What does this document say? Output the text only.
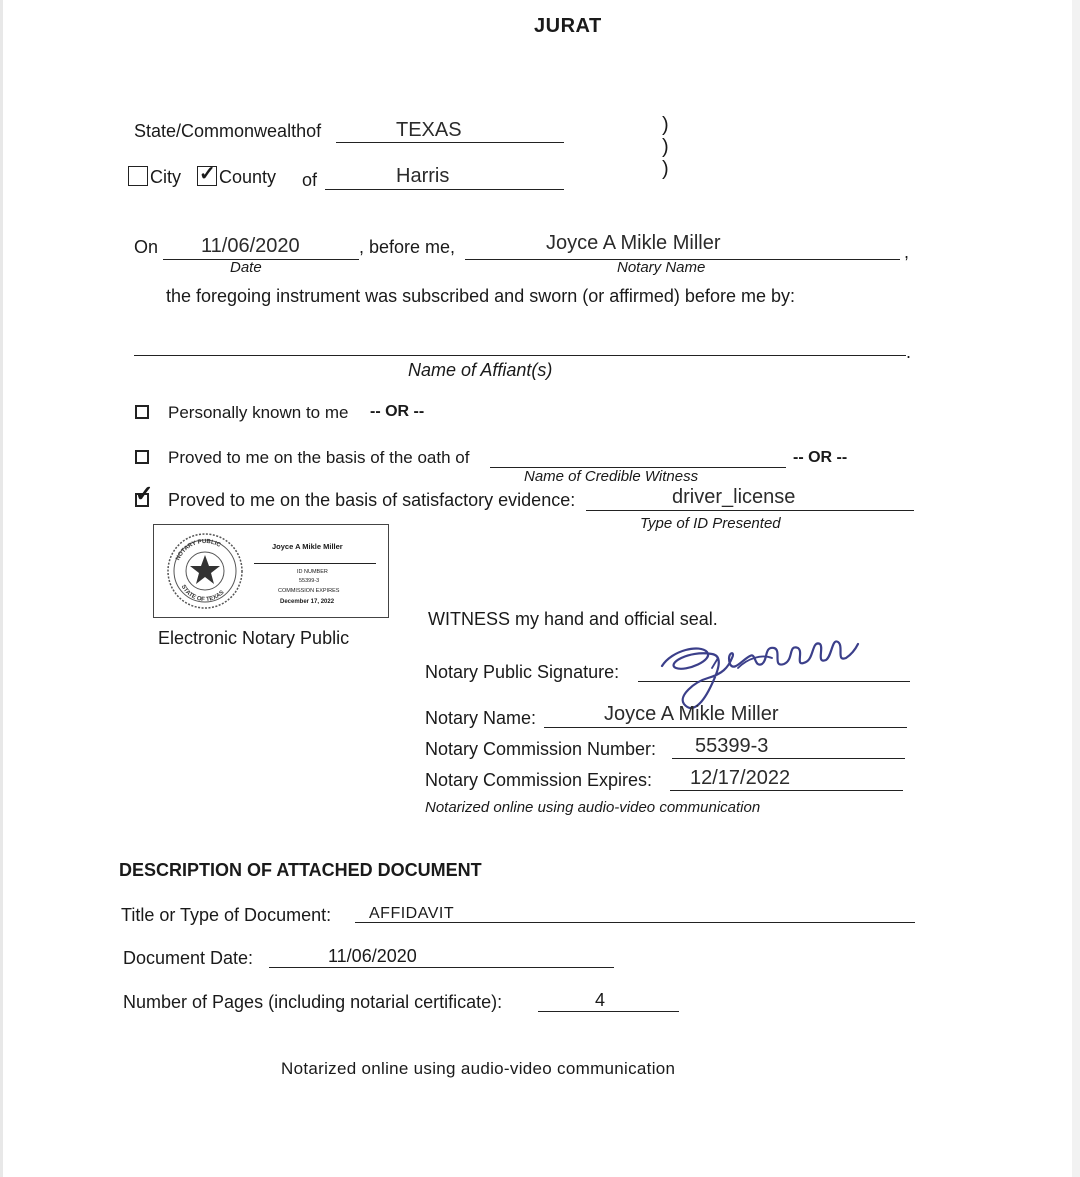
JURAT
State/Commonwealthof	TEXAS
City ✓ County of	Harris
)
)
)
On 11/06/2020
Date
, before me,	,
Joyce A Mikle Miller
Notary Name
the foregoing instrument was subscribed and sworn (or affirmed) before me by:
.
Name of Affiant(s)
Personally known to me -- OR --
Proved to me on the basis of the oath of	-- OR --
Name of Credible Witness
✓ Proved to me on the basis of satisfactory evidence:	driver_license
Type of ID Presented
NOTARY PUBLIC
STATE OF TEXAS
Joyce A Mikle Miller
ID NUMBER
55399-3
COMMISSION EXPIRES
December 17, 2022
Electronic Notary Public
WITNESS my hand and official seal.
Notary Public Signature:
Notary Name:	Joyce A Mikle Miller
Notary Commission Number: 55399-3
Notary Commission Expires: 12/17/2022
Notarized online using audio-video communication
DESCRIPTION OF ATTACHED DOCUMENT
Title or Type of Document: AFFIDAVIT
Document Date:	11/06/2020
Number of Pages (including notarial certificate):	4
Notarized online using audio-video communication
